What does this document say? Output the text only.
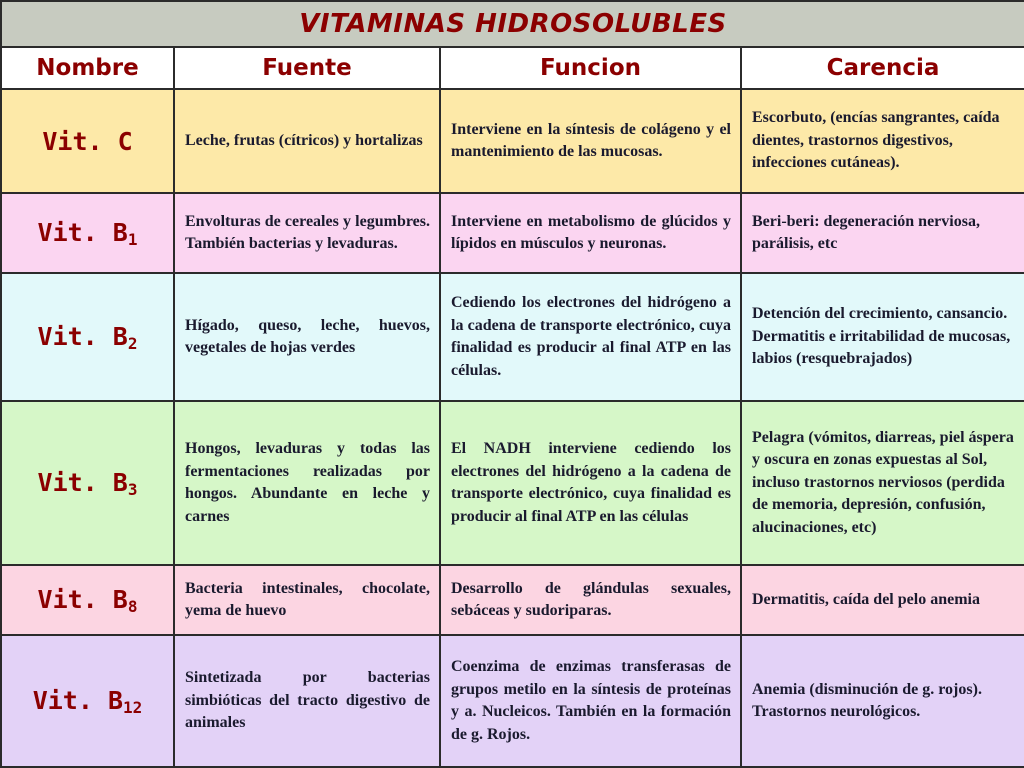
VITAMINAS HIDROSOLUBLES			
Nombre	Fuente	Funcion	Carencia
Vit. C	Leche, frutas (cítricos) y hortalizas	Interviene en la síntesis de colágeno y el mantenimiento de las mucosas.	Escorbuto, (encías sangrantes, caída dientes, trastornos digestivos, infecciones cutáneas).
Vit. $B_1$	Envolturas de cereales y legumbres. También bacterias y levaduras.	Interviene en metabolismo de glúcidos y lípidos en músculos y neuronas.	Beri-beri: degeneración nerviosa, parálisis, etc
Vit. $B_2$	Hígado, queso, leche, huevos, vegetales de hojas verdes	Cediendo los electrones del hidrógeno a la cadena de transporte electrónico, cuya finalidad es producir al final ATP en las células.	Detención del crecimiento, cansancio. Dermatitis e irritabilidad de mucosas, labios (resquebrajados)
Vit. $B_3$	Hongos, levaduras y todas las fermentaciones realizadas por hongos. Abundante en leche y carnes	El NADH interviene cediendo los electrones del hidrógeno a la cadena de transporte electrónico, cuya finalidad es producir al final ATP en las células	Pelagra (vómitos, diarreas, piel áspera y oscura en zonas expuestas al Sol, incluso trastornos nerviosos (perdida de memoria, depresión, confusión, alucinaciones, etc)
Vit. $B_8$	Bacteria intestinales, chocolate, yema de huevo	Desarrollo de glándulas sexuales, sebáceas y sudoriparas.	Dermatitis, caída del pelo anemia
Vit. $B_{12}$	Sintetizada por bacterias simbióticas del tracto digestivo de animales	Coenzima de enzimas transferasas de grupos metilo en la síntesis de proteínas y a. Nucleicos. También en la formación de g. Rojos.	Anemia (disminución de g. rojos). Trastornos neurológicos.
